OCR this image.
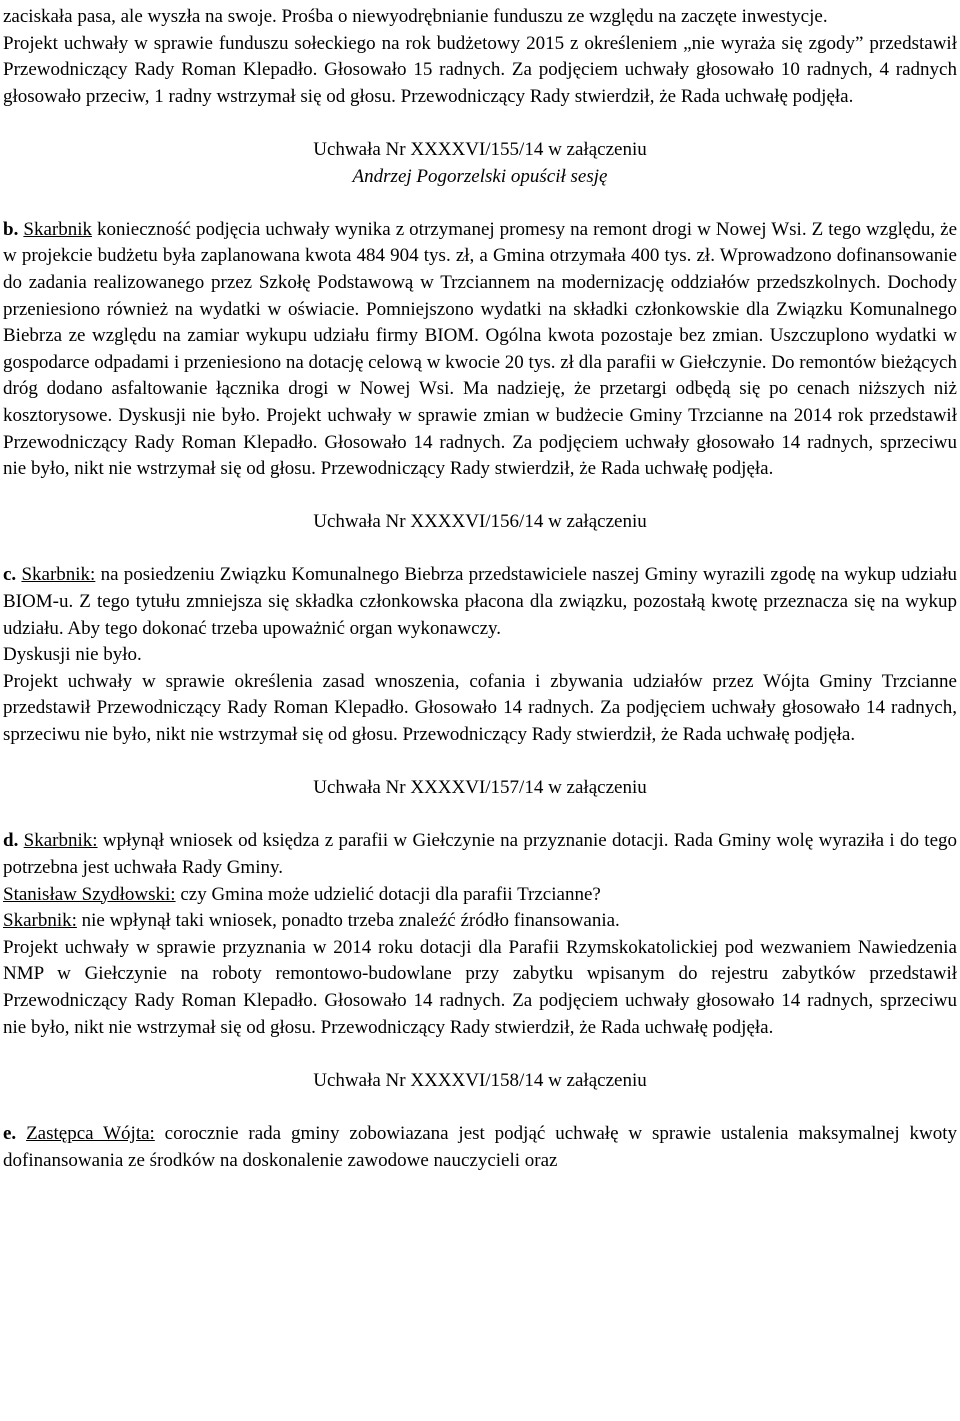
zaciskała pasa, ale wyszła na swoje. Prośba o niewyodrębnianie funduszu ze względu na zaczęte inwestycje.

Projekt uchwały w sprawie funduszu sołeckiego na rok budżetowy 2015 z określeniem „nie wyraża się zgody” przedstawił Przewodniczący Rady Roman Klepadło. Głosowało 15 radnych. Za podjęciem uchwały głosowało 10 radnych, 4 radnych głosowało przeciw, 1 radny wstrzymał się od głosu. Przewodniczący Rady stwierdził, że Rada uchwałę podjęła.

Uchwała Nr XXXXVI/155/14 w załączeniu

Andrzej Pogorzelski opuścił sesję

b. Skarbnik konieczność podjęcia uchwały wynika z otrzymanej promesy na remont drogi w Nowej Wsi. Z tego względu, że w projekcie budżetu była zaplanowana kwota 484 904 tys. zł, a Gmina otrzymała 400 tys. zł. Wprowadzono dofinansowanie do zadania realizowanego przez Szkołę Podstawową w Trzciannem na modernizację oddziałów przedszkolnych. Dochody przeniesiono również na wydatki w oświacie. Pomniejszono wydatki na składki członkowskie dla Związku Komunalnego Biebrza ze względu na zamiar wykupu udziału firmy BIOM. Ogólna kwota pozostaje bez zmian. Uszczuplono wydatki w gospodarce odpadami i przeniesiono na dotację celową w kwocie 20 tys. zł dla parafii w Giełczynie. Do remontów bieżących dróg dodano asfaltowanie łącznika drogi w Nowej Wsi. Ma nadzieję, że przetargi odbędą się po cenach niższych niż kosztorysowe. Dyskusji nie było. Projekt uchwały w sprawie zmian w budżecie Gminy Trzcianne na 2014 rok przedstawił Przewodniczący Rady Roman Klepadło. Głosowało 14 radnych. Za podjęciem uchwały głosowało 14 radnych, sprzeciwu nie było, nikt nie wstrzymał się od głosu. Przewodniczący Rady stwierdził, że Rada uchwałę podjęła.

Uchwała Nr XXXXVI/156/14 w załączeniu

c. Skarbnik: na posiedzeniu Związku Komunalnego Biebrza przedstawiciele naszej Gminy wyrazili zgodę na wykup udziału BIOM-u. Z tego tytułu zmniejsza się składka członkowska płacona dla związku, pozostałą kwotę przeznacza się na wykup udziału. Aby tego dokonać trzeba upoważnić organ wykonawczy.

Dyskusji nie było.

Projekt uchwały w sprawie określenia zasad wnoszenia, cofania i zbywania udziałów przez Wójta Gminy Trzcianne przedstawił Przewodniczący Rady Roman Klepadło. Głosowało 14 radnych. Za podjęciem uchwały głosowało 14 radnych, sprzeciwu nie było, nikt nie wstrzymał się od głosu. Przewodniczący Rady stwierdził, że Rada uchwałę podjęła.

Uchwała Nr XXXXVI/157/14 w załączeniu

d. Skarbnik: wpłynął wniosek od księdza z parafii w Giełczynie na przyznanie dotacji. Rada Gminy wolę wyraziła i do tego potrzebna jest uchwała Rady Gminy.

Stanisław Szydłowski: czy Gmina może udzielić dotacji dla parafii Trzcianne?

Skarbnik: nie wpłynął taki wniosek, ponadto trzeba znaleźć źródło finansowania.

Projekt uchwały w sprawie przyznania w 2014 roku dotacji dla Parafii Rzymskokatolickiej pod wezwaniem Nawiedzenia NMP w Giełczynie na roboty remontowo-budowlane przy zabytku wpisanym do rejestru zabytków przedstawił Przewodniczący Rady Roman Klepadło. Głosowało 14 radnych. Za podjęciem uchwały głosowało 14 radnych, sprzeciwu nie było, nikt nie wstrzymał się od głosu. Przewodniczący Rady stwierdził, że Rada uchwałę podjęła.

Uchwała Nr XXXXVI/158/14 w załączeniu

e. Zastępca Wójta: corocznie rada gminy zobowiazana jest podjąć uchwałę w sprawie ustalenia maksymalnej kwoty dofinansowania ze środków na doskonalenie zawodowe nauczycieli oraz
